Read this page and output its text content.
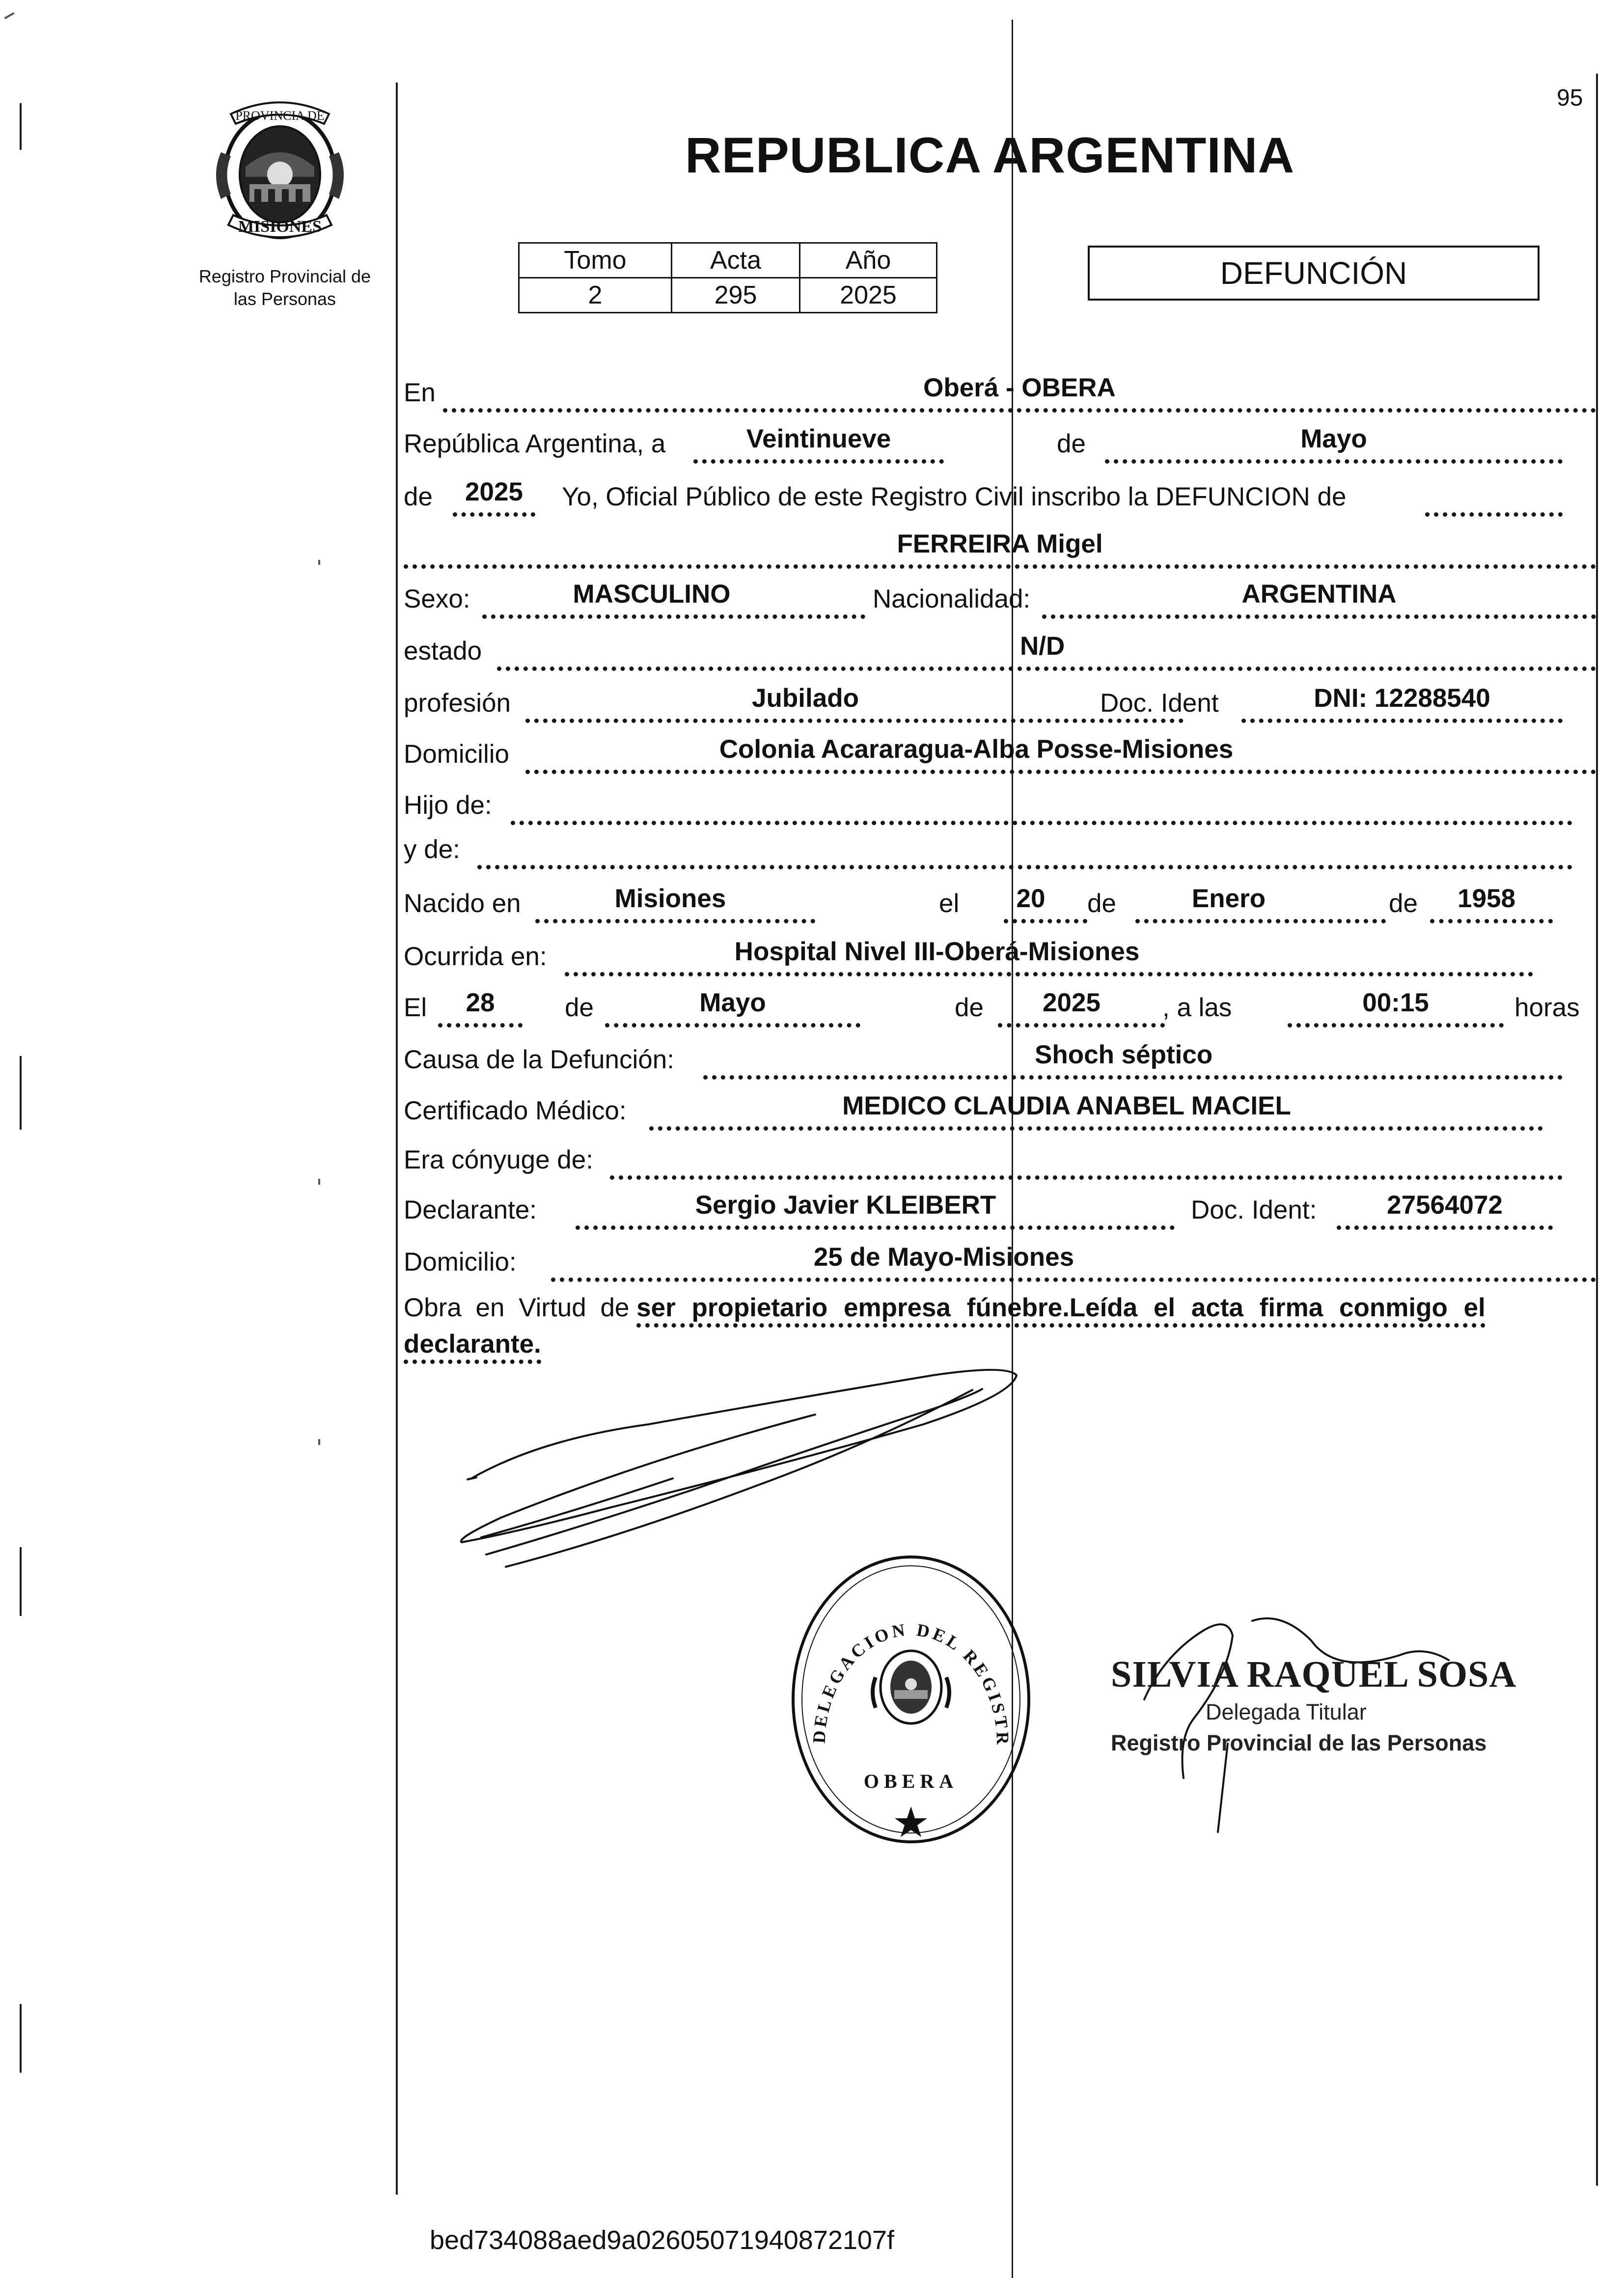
PROVINCIA DE
MISIONES
Registro Provincial de
las Personas
95
REPUBLICA ARGENTINA
Tomo	Acta	Año
2	295	2025
DEFUNCIÓN
En	Oberá - OBERA
República Argentina, a	Veintinueve	de	Mayo
de	2025	Yo, Oficial Público de este Registro Civil inscribo la DEFUNCION de
FERREIRA Migel
Sexo:	MASCULINO	Nacionalidad:	ARGENTINA
estado	N/D
profesión	Jubilado	Doc. Ident	DNI: 12288540
Domicilio	Colonia Acararagua-Alba Posse-Misiones
Hijo de:
y de:
Nacido en	Misiones	el	20	de	Enero	de	1958
Ocurrida en:	Hospital Nivel III-Oberá-Misiones
El	28	de	Mayo	de	2025	, a las	00:15	horas
Causa de la Defunción:	Shoch séptico
Certificado Médico:	MEDICO CLAUDIA ANABEL MACIEL
Era cónyuge de:
Declarante:	Sergio Javier KLEIBERT	Doc. Ident:	27564072
Domicilio:	25 de Mayo-Misiones
Obra en Virtud de ser propietario empresa fúnebre.Leída el acta firma conmigo el
declarante.
DELEGACION DEL REGISTR
OBERA
SILVIA RAQUEL SOSA
Delegada Titular
Registro Provincial de las Personas
bed734088aed9a02605071940872107f
